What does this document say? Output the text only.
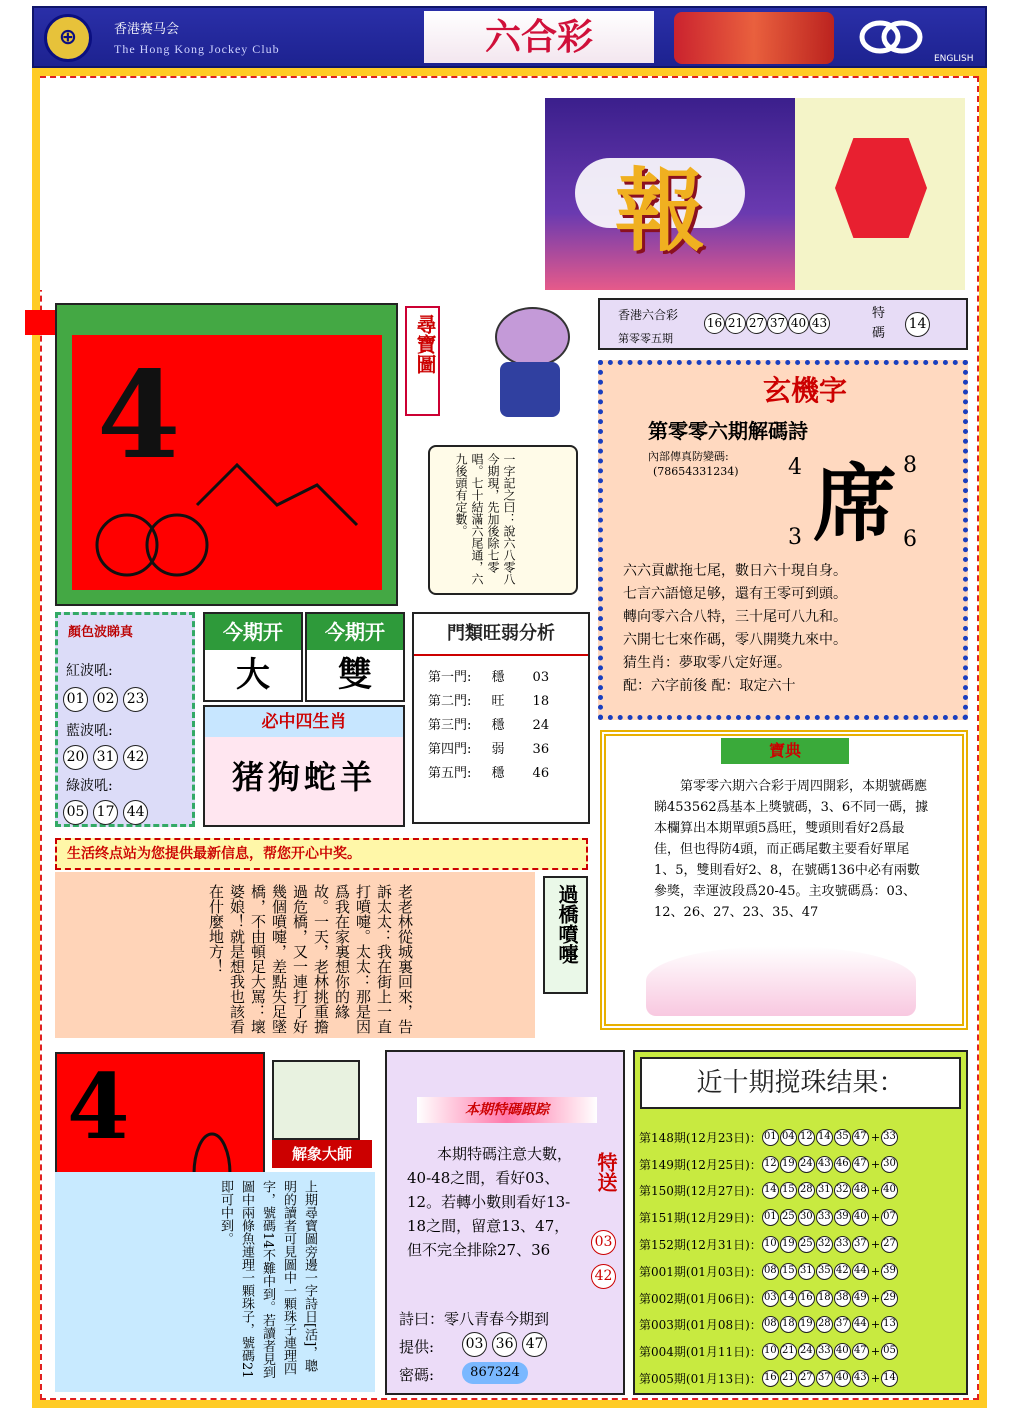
⊕	香港赛马会
The Hong Kong Jockey Club	六合彩
ENGLISH
報
4
尋寶圖
一字記之曰：說六八零八今期現，先加後除七零唱。七十結滿六尾通，六九後頭有定數。
香港六合彩
第零零五期
16 21 27 37 40 43
特碼
14
玄機字
第零零六期解碼詩
內部傳真防變碼:
(78654331234) 席
4	8
3	6
六六貢獻拖七尾，數日六十現自身。
七言六語憶足够，還有王零可到頭。
轉向零六合八特，三十尾可八九和。
六開七七來作碼，零八開獎九來中。
猜生肖：夢取零八定好運。
配：六字前後 配：取定六十
顏色波睇真
紅波吼:
01 02 23
藍波吼:
20 31 42
綠波吼:
05 17 44
今期开
大
今期开
雙
必中四生肖
猪狗蛇羊
門類旺弱分析
第一門: 穩 03
第二門: 旺 18
第三門: 穩 24
第四門: 弱 36
第五門: 穩 46
寶典
第零零六期六合彩于周四開彩，本期號碼應睇453562爲基本上獎號碼，3、6不同一碼，據本欄算出本期單頭5爲旺，雙頭則看好2爲最佳，但也得防4頭，而正碼尾數主要看好單尾1、5，雙則看好2、8，在號碼136中必有兩數參獎，幸運波段爲20-45。主攻號碼爲：03、12、26、27、23、35、47
生活终点站为您提供最新信息，帮您开心中奖。
老老林從城裏回來，告訴太太：我在街上一直打噴嚏。太太：那是因爲我在家裏想你的緣故。一天，老林挑重擔過危橋，又一連打了好幾個噴嚏，差點失足墜橋，不由頓足大罵：壞婆娘！就是想我也該看在什麼地方！	過橋噴嚏
4	解象大師
上期尋寶圖旁邊一字詩日[活]，聰明的讀者可見圖中一顆珠子連理四字，號碼14不難中到。若讀者見到圖中兩條魚連理一顆珠子，號碼21即可中到。
本期特碼跟踪
本期特碼注意大數，40-48之間，看好03、12。若轉小數則看好13-18之間，留意13、47，但不完全排除27、36
特送
03
42
詩曰：零八青春今期到
提供: 03 36 47
密碼:	867324
近十期搅珠结果：
第148期 (12月23日)： 01 04 12 14 35 47 + 33
第149期 (12月25日)： 12 19 24 43 46 47 + 30
第150期 (12月27日)： 14 15 28 31 32 48 + 40
第151期 (12月29日)： 01 25 30 33 39 40 + 07
第152期 (12月31日)： 10 19 25 32 33 37 + 27
第001期 (01月03日)： 08 15 31 35 42 44 + 39
第002期 (01月06日)： 03 14 16 18 38 49 + 29
第003期 (01月08日)： 08 18 19 28 37 44 + 13
第004期 (01月11日)： 10 21 24 33 40 47 + 05
第005期 (01月13日)： 16 21 27 37 40 43 + 14
